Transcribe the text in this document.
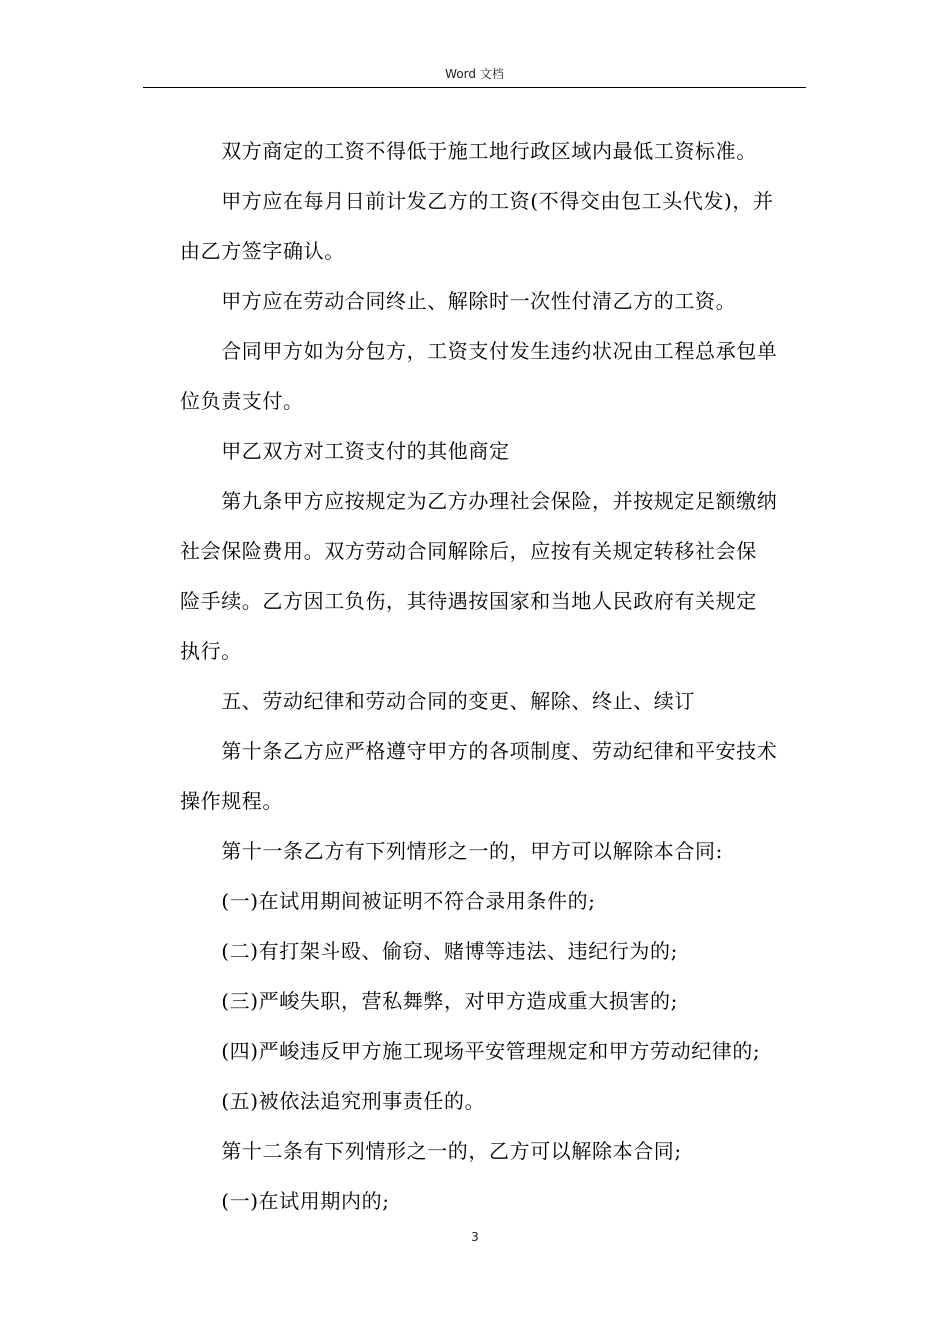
Word 文档

　　双方商定的工资不得低于施工地行政区域内最低工资标准。

　　甲方应在每月日前计发乙方的工资(不得交由包工头代发)，并

由乙方签字确认。

　　甲方应在劳动合同终止、解除时一次性付清乙方的工资。

　　合同甲方如为分包方，工资支付发生违约状况由工程总承包单

位负责支付。

　　甲乙双方对工资支付的其他商定

　　第九条甲方应按规定为乙方办理社会保险，并按规定足额缴纳

社会保险费用。双方劳动合同解除后，应按有关规定转移社会保

险手续。乙方因工负伤，其待遇按国家和当地人民政府有关规定

执行。

　　五、劳动纪律和劳动合同的变更、解除、终止、续订

　　第十条乙方应严格遵守甲方的各项制度、劳动纪律和平安技术

操作规程。

　　第十一条乙方有下列情形之一的，甲方可以解除本合同:

　　(一)在试用期间被证明不符合录用条件的;

　　(二)有打架斗殴、偷窃、赌博等违法、违纪行为的;

　　(三)严峻失职，营私舞弊，对甲方造成重大损害的;

　　(四)严峻违反甲方施工现场平安管理规定和甲方劳动纪律的;

　　(五)被依法追究刑事责任的。

　　第十二条有下列情形之一的，乙方可以解除本合同;

　　(一)在试用期内的;

3
